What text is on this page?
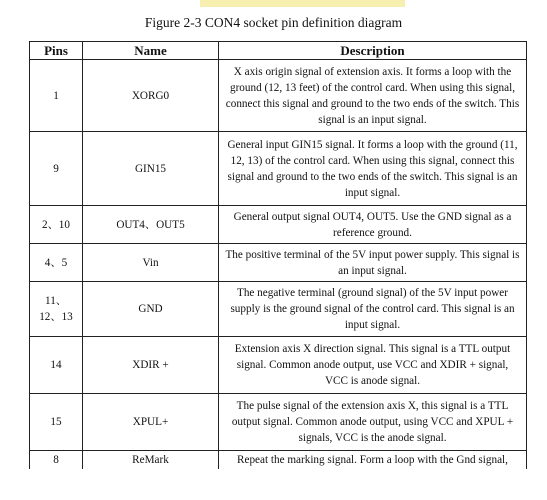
Figure 2-3 CON4 socket pin definition diagram
Pins	Name	Description
1	XORG0	X axis origin signal of extension axis. It forms a loop with the ground (12, 13 feet) of the control card. When using this signal, connect this signal and ground to the two ends of the switch. This signal is an input signal.
9	GIN15	General input GIN15 signal. It forms a loop with the ground (11, 12, 13) of the control card. When using this signal, connect this signal and ground to the two ends of the switch. This signal is an input signal.
2、10	OUT4、OUT5	General output signal OUT4, OUT5. Use the GND signal as a reference ground.
4、5	Vin	The positive terminal of the 5V input power supply. This signal is an input signal.
11、12、13	GND	The negative terminal (ground signal) of the 5V input power supply is the ground signal of the control card. This signal is an input signal.
14	XDIR +	Extension axis X direction signal. This signal is a TTL output signal. Common anode output, use VCC and XDIR + signal, VCC is anode signal.
15	XPUL+	The pulse signal of the extension axis X, this signal is a TTL output signal. Common anode output, using VCC and XPUL + signals, VCC is the anode signal.
8	ReMark	Repeat the marking signal. Form a loop with the Gnd signal,
